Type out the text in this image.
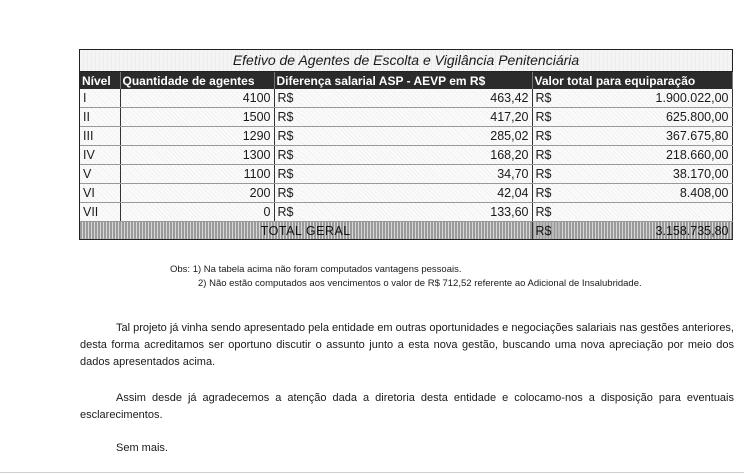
Efetivo de Agentes de Escolta e Vigilância Penitenciária
Nível	Quantidade de agentes	Diferença salarial ASP - AEVP em R$		Valor total para equiparação	
I	4100	R$	463,42	R$	1.900.022,00
II	1500	R$	417,20	R$	625.800,00
III	1290	R$	285,02	R$	367.675,80
IV	1300	R$	168,20	R$	218.660,00
V	1100	R$	34,70	R$	38.170,00
VI	200	R$	42,04	R$	8.408,00
VII	0	R$	133,60	R$	
TOTAL GERAL				R$	3.158.735,80
Obs: 1) Na tabela acima não foram computados vantagens pessoais.
2) Não estão computados aos vencimentos o valor de R$ 712,52 referente ao Adicional de Insalubridade.
Tal projeto já vinha sendo apresentado pela entidade em outras oportunidades e negociações salariais nas gestões anteriores, desta forma acreditamos ser oportuno discutir o assunto junto a esta nova gestão, buscando uma nova apreciação por meio dos dados apresentados acima.
Assim desde já agradecemos a atenção dada a diretoria desta entidade e colocamo-nos a disposição para eventuais esclarecimentos.
Sem mais.
